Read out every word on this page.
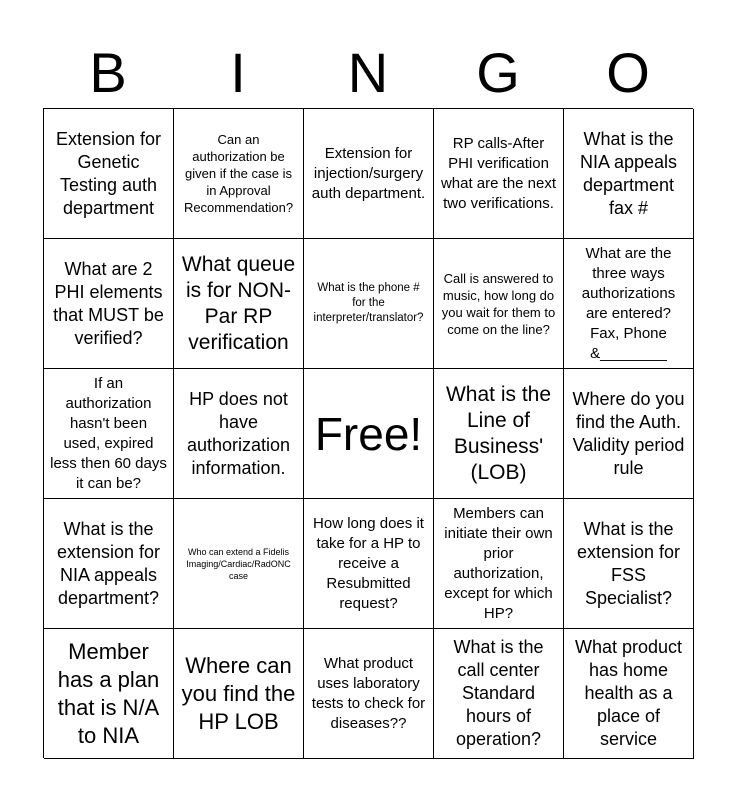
B	I	N	G	O
Extension for Genetic Testing auth department
Can an authorization be given if the case is in Approval Recommendation?
Extension for injection/surgery auth department.
RP calls-After PHI verification what are the next two verifications.
What is the NIA appeals department fax #
What are 2 PHI elements that MUST be verified?
What queue is for NON-Par RP verification
What is the phone # for the interpreter/translator?
Call is answered to music, how long do you wait for them to come on the line?
What are the three ways authorizations are entered? Fax, Phone &________
If an authorization hasn't been used, expired less then 60 days it can be?
HP does not have authorization information.
Free!
What is the Line of Business' (LOB)
Where do you find the Auth. Validity period rule
What is the extension for NIA appeals department?
Who can extend a Fidelis Imaging/Cardiac/RadONC case
How long does it take for a HP to receive a Resubmitted request?
Members can initiate their own prior authorization, except for which HP?
What is the extension for FSS Specialist?
Member has a plan that is N/A to NIA
Where can you find the HP LOB
What product uses laboratory tests to check for diseases??
What is the call center Standard hours of operation?
What product has home health as a place of service
